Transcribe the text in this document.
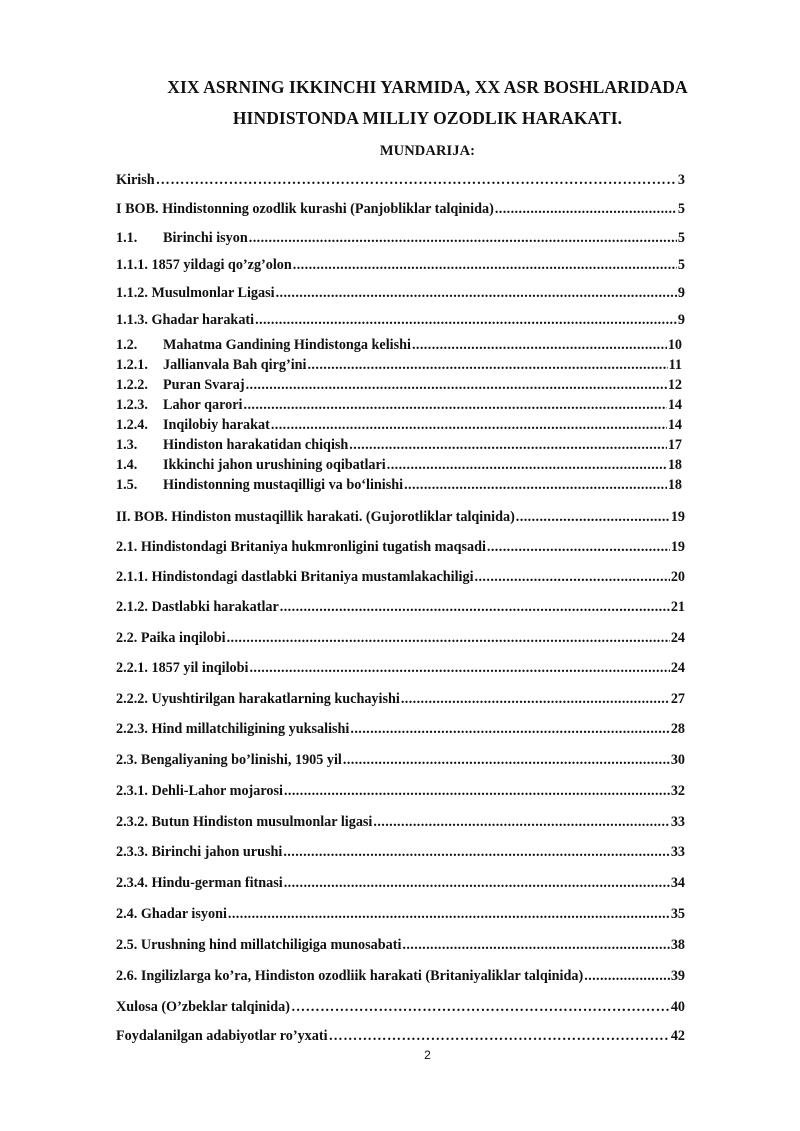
XIX ASRNING IKKINCHI YARMIDA, XX ASR BOSHLARIDADA
HINDISTONDA MILLIY OZODLIK HARAKATI.
MUNDARIJA:
Kirish ………………………………………………………………………………………………………………………………………………………………………………	3
I BOB. Hindistonning ozodlik kurashi (Panjobliklar talqinida) .....	5
1.1.	Birinchi isyon .....	5
1.1.1. 1857 yildagi qo’zg’olon .....	5
1.1.2. Musulmonlar Ligasi .....	9
1.1.3. Ghadar harakati .....	9
1.2.	Mahatma Gandining Hindistonga kelishi .....	10
1.2.1.	Jallianvala Bah qirg’ini .....	11
1.2.2.	Puran Svaraj .....	12
1.2.3.	Lahor qarori .....	14
1.2.4.	Inqilobiy harakat .....	14
1.3.	Hindiston harakatidan chiqish .....	17
1.4.	Ikkinchi jahon urushining oqibatlari .....	18
1.5.	Hindistonning mustaqilligi va bo‘linishi .....	18
II. BOB. Hindiston mustaqillik harakati. (Gujorotliklar talqinida) .....	19
2.1. Hindistondagi Britaniya hukmronligini tugatish maqsadi .....	19
2.1.1. Hindistondagi dastlabki Britaniya mustamlakachiligi .....	20
2.1.2. Dastlabki harakatlar .....	21
2.2. Paika inqilobi .....	24
2.2.1. 1857 yil inqilobi .....	24
2.2.2. Uyushtirilgan harakatlarning kuchayishi .....	27
2.2.3. Hind millatchiligining yuksalishi .....	28
2.3. Bengaliyaning bo’linishi, 1905 yil .....	30
2.3.1. Dehli-Lahor mojarosi .....	32
2.3.2. Butun Hindiston musulmonlar ligasi .....	33
2.3.3. Birinchi jahon urushi .....	33
2.3.4. Hindu-german fitnasi .....	34
2.4. Ghadar isyoni .....	35
2.5. Urushning hind millatchiligiga munosabati .....	38
2.6. Ingilizlarga ko’ra, Hindiston ozodliik harakati (Britaniyaliklar talqinida) .....	39
Xulosa (O’zbeklar talqinida) ………………………………………………………………………………………………………………………………………………………………………………	40
Foydalanilgan adabiyotlar ro’yxati ………………………………………………………………………………………………………………………………………………………………………………	42
2
